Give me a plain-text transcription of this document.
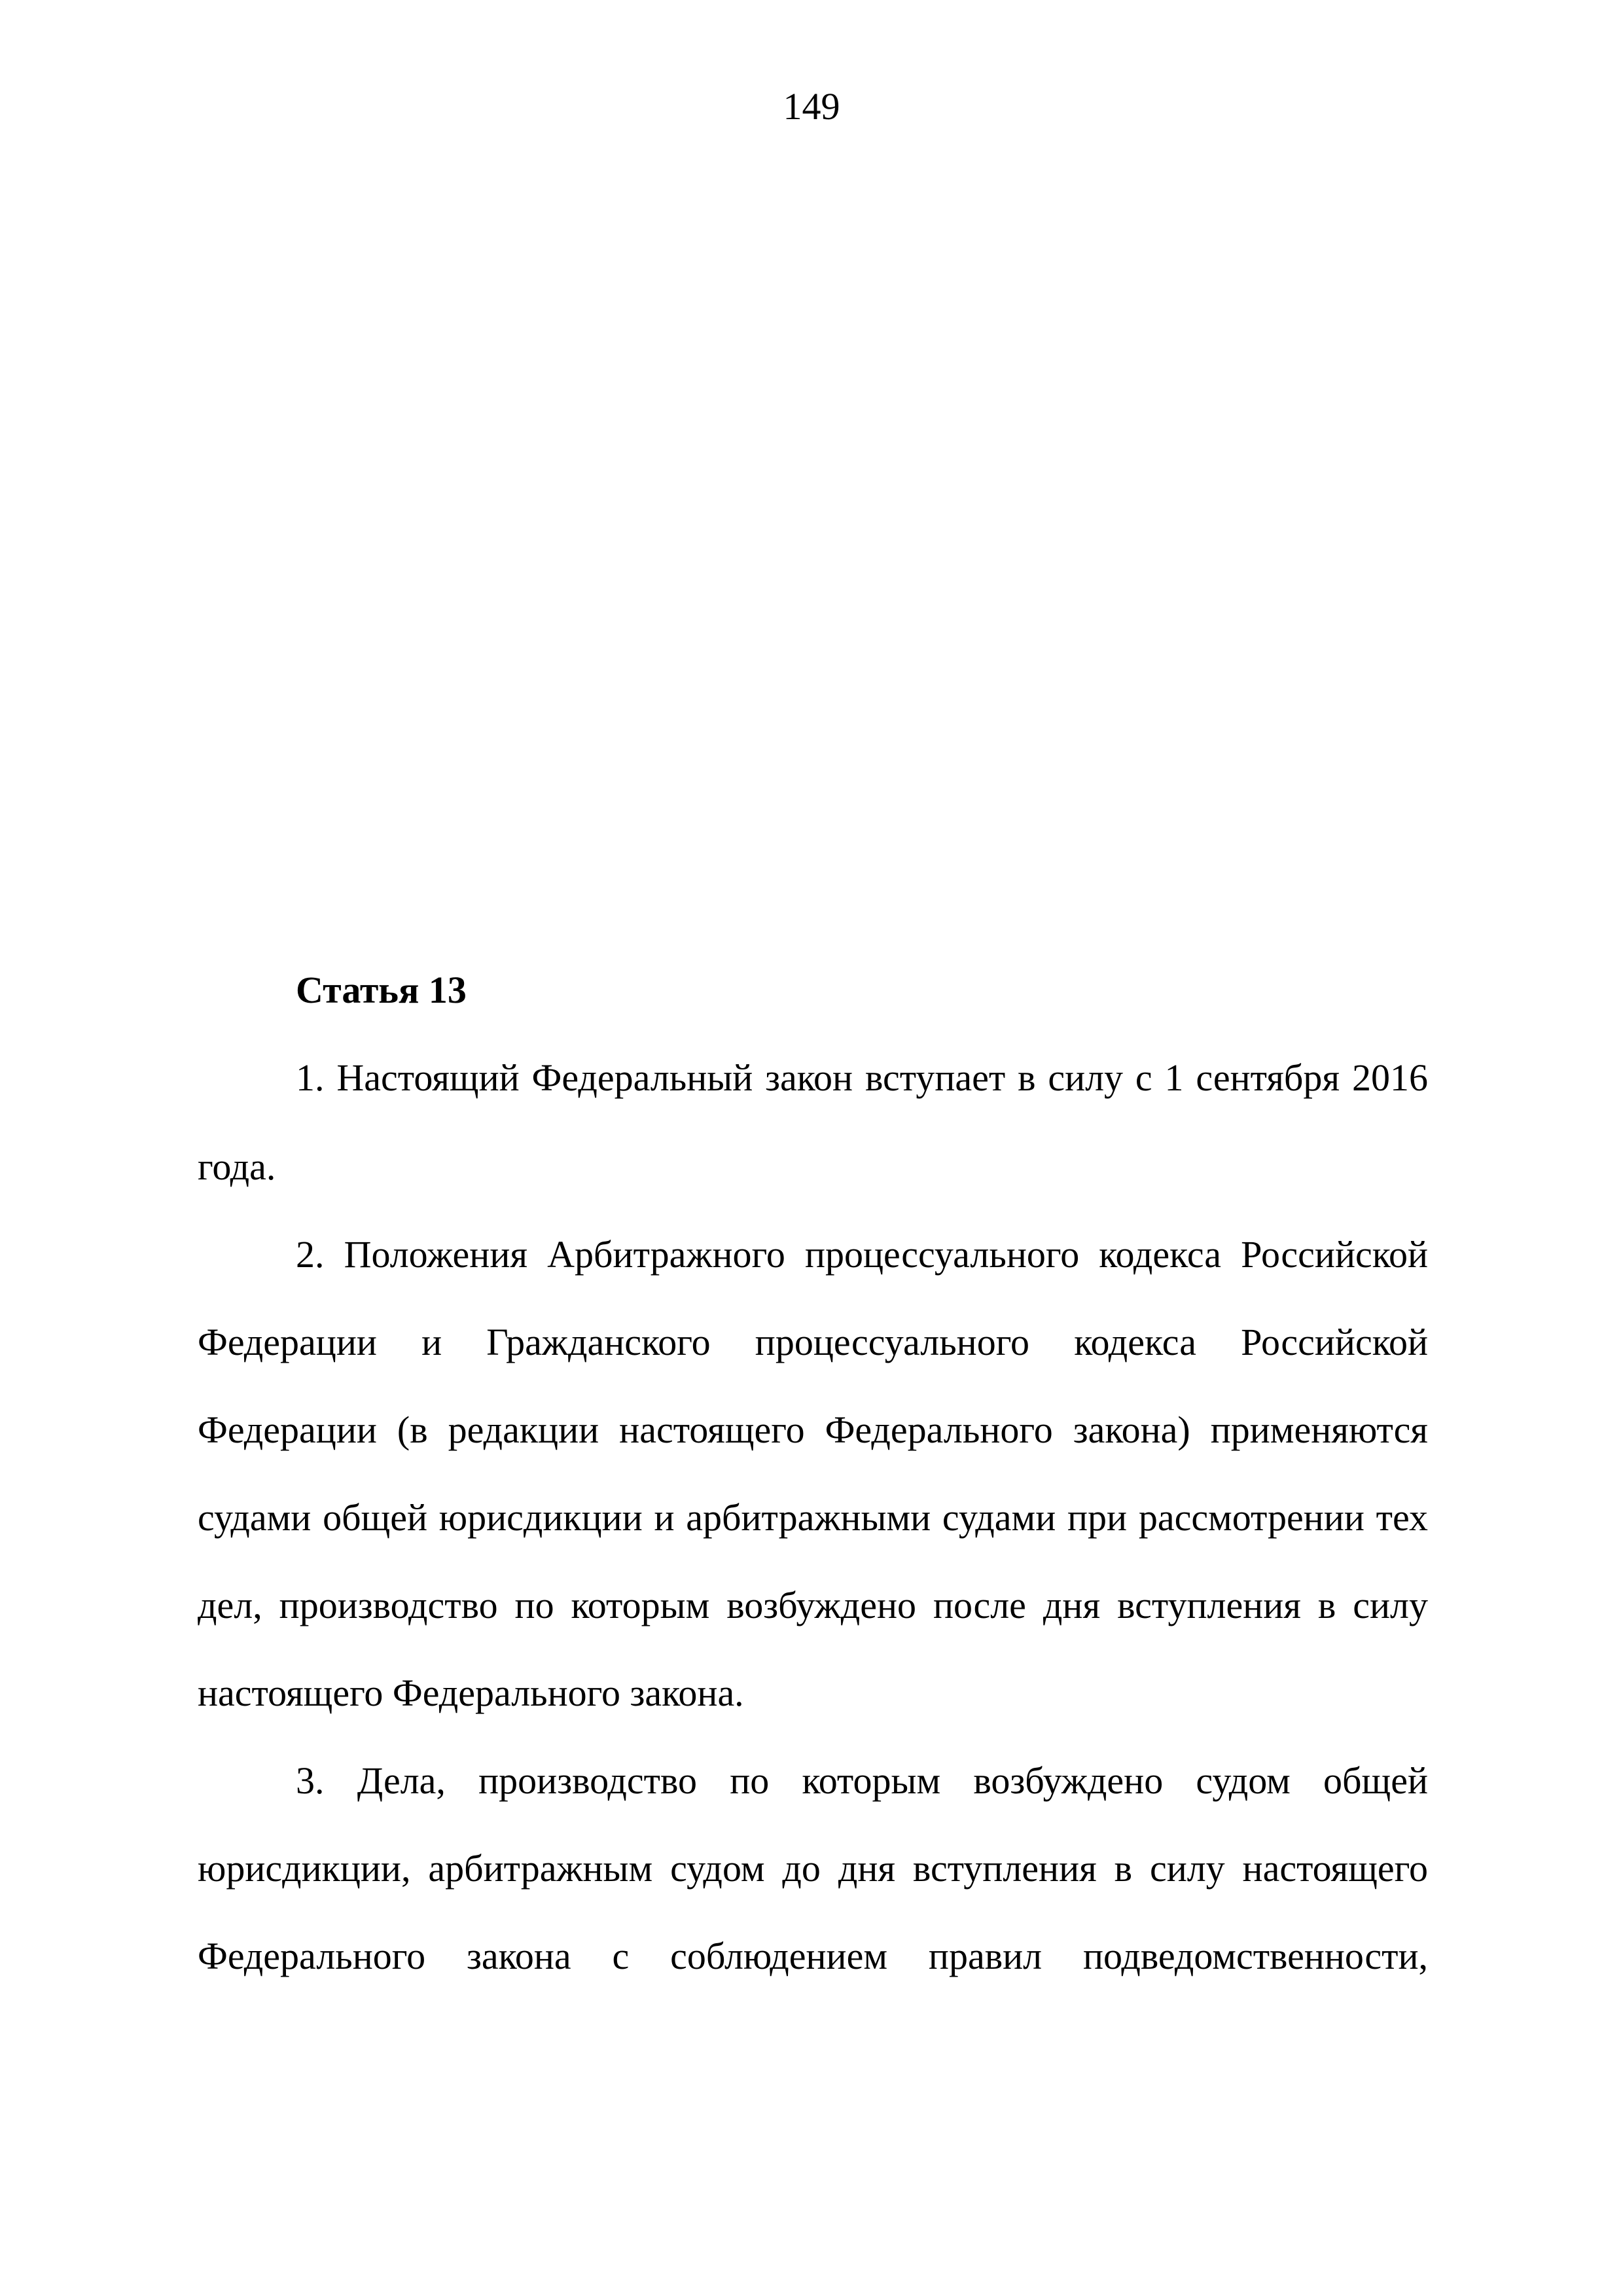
149
Статья 13
1. Настоящий Федеральный закон вступает в силу с 1 сентября 2016
года.
2. Положения Арбитражного процессуального кодекса Российской
Федерации и Гражданского процессуального кодекса Российской
Федерации (в редакции настоящего Федерального закона) применяются
судами общей юрисдикции и арбитражными судами при рассмотрении тех
дел, производство по которым возбуждено после дня вступления в силу
настоящего Федерального закона.
3. Дела, производство по которым возбуждено судом общей
юрисдикции, арбитражным судом до дня вступления в силу настоящего
Федерального закона с соблюдением правил подведомственности,
